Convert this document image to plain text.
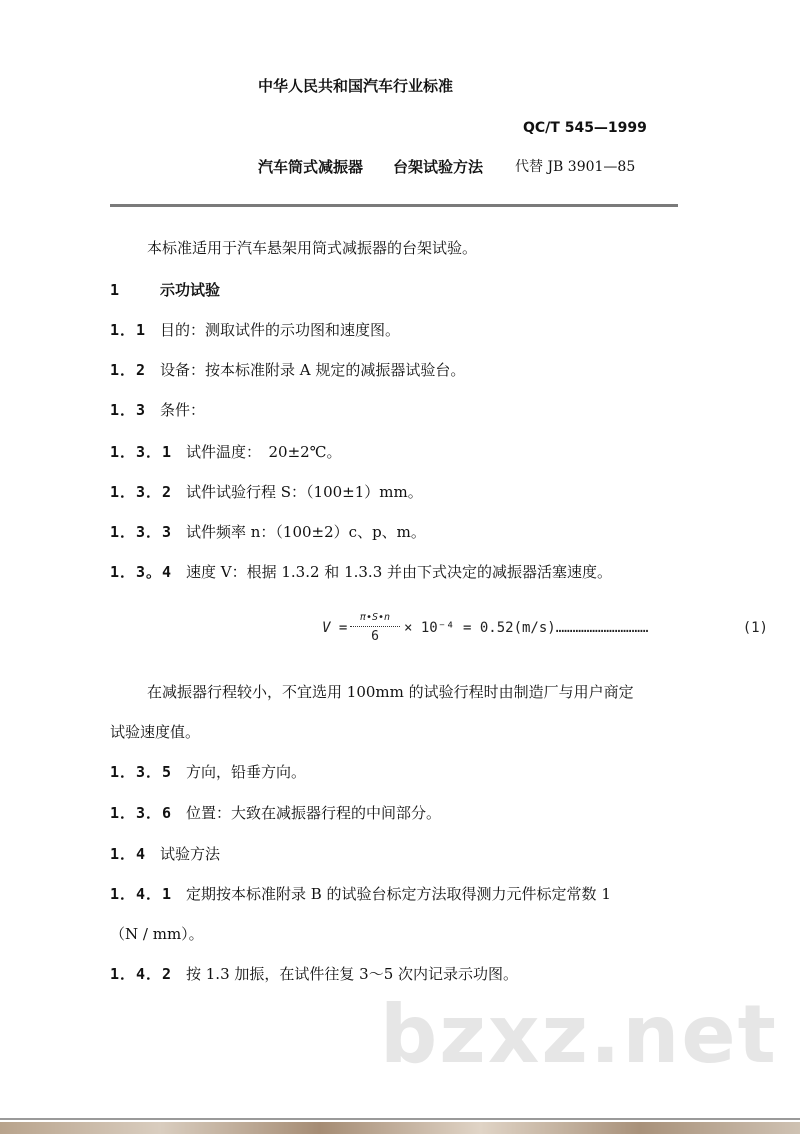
中华人民共和国汽车行业标准
QC/T 545—1999
汽车筒式减振器　　台架试验方法 代替 JB 3901—85
本标准适用于汽车悬架用筒式减振器的台架试验。
1	示功试验
1．1 目的：测取试件的示功图和速度图。
1．2 设备：按本标准附录 A 规定的减振器试验台。
1．3 条件：
1．3．1 试件温度：　20±2℃。
1．3．2 试件试验行程 S：（100±1）mm。
1．3．3 试件频率 n：（100±2）c、p、m。
1．3。4 速度 V：根据 1.3.2 和 1.3.3 并由下式决定的减振器活塞速度。
V =
π•S•n
6
× 10⁻⁴ = 0.52(m/s)……………………………	(1)
在减振器行程较小，不宜选用 100mm 的试验行程时由制造厂与用户商定
试验速度值。
1．3．5 方向，铅垂方向。
1．3．6 位置：大致在减振器行程的中间部分。
1．4 试验方法
1．4．1 定期按本标准附录 B 的试验台标定方法取得测力元件标定常数 1
（N / mm）。
1．4．2 按 1.3 加振，在试件往复 3～5 次内记录示功图。
bzxz.net
